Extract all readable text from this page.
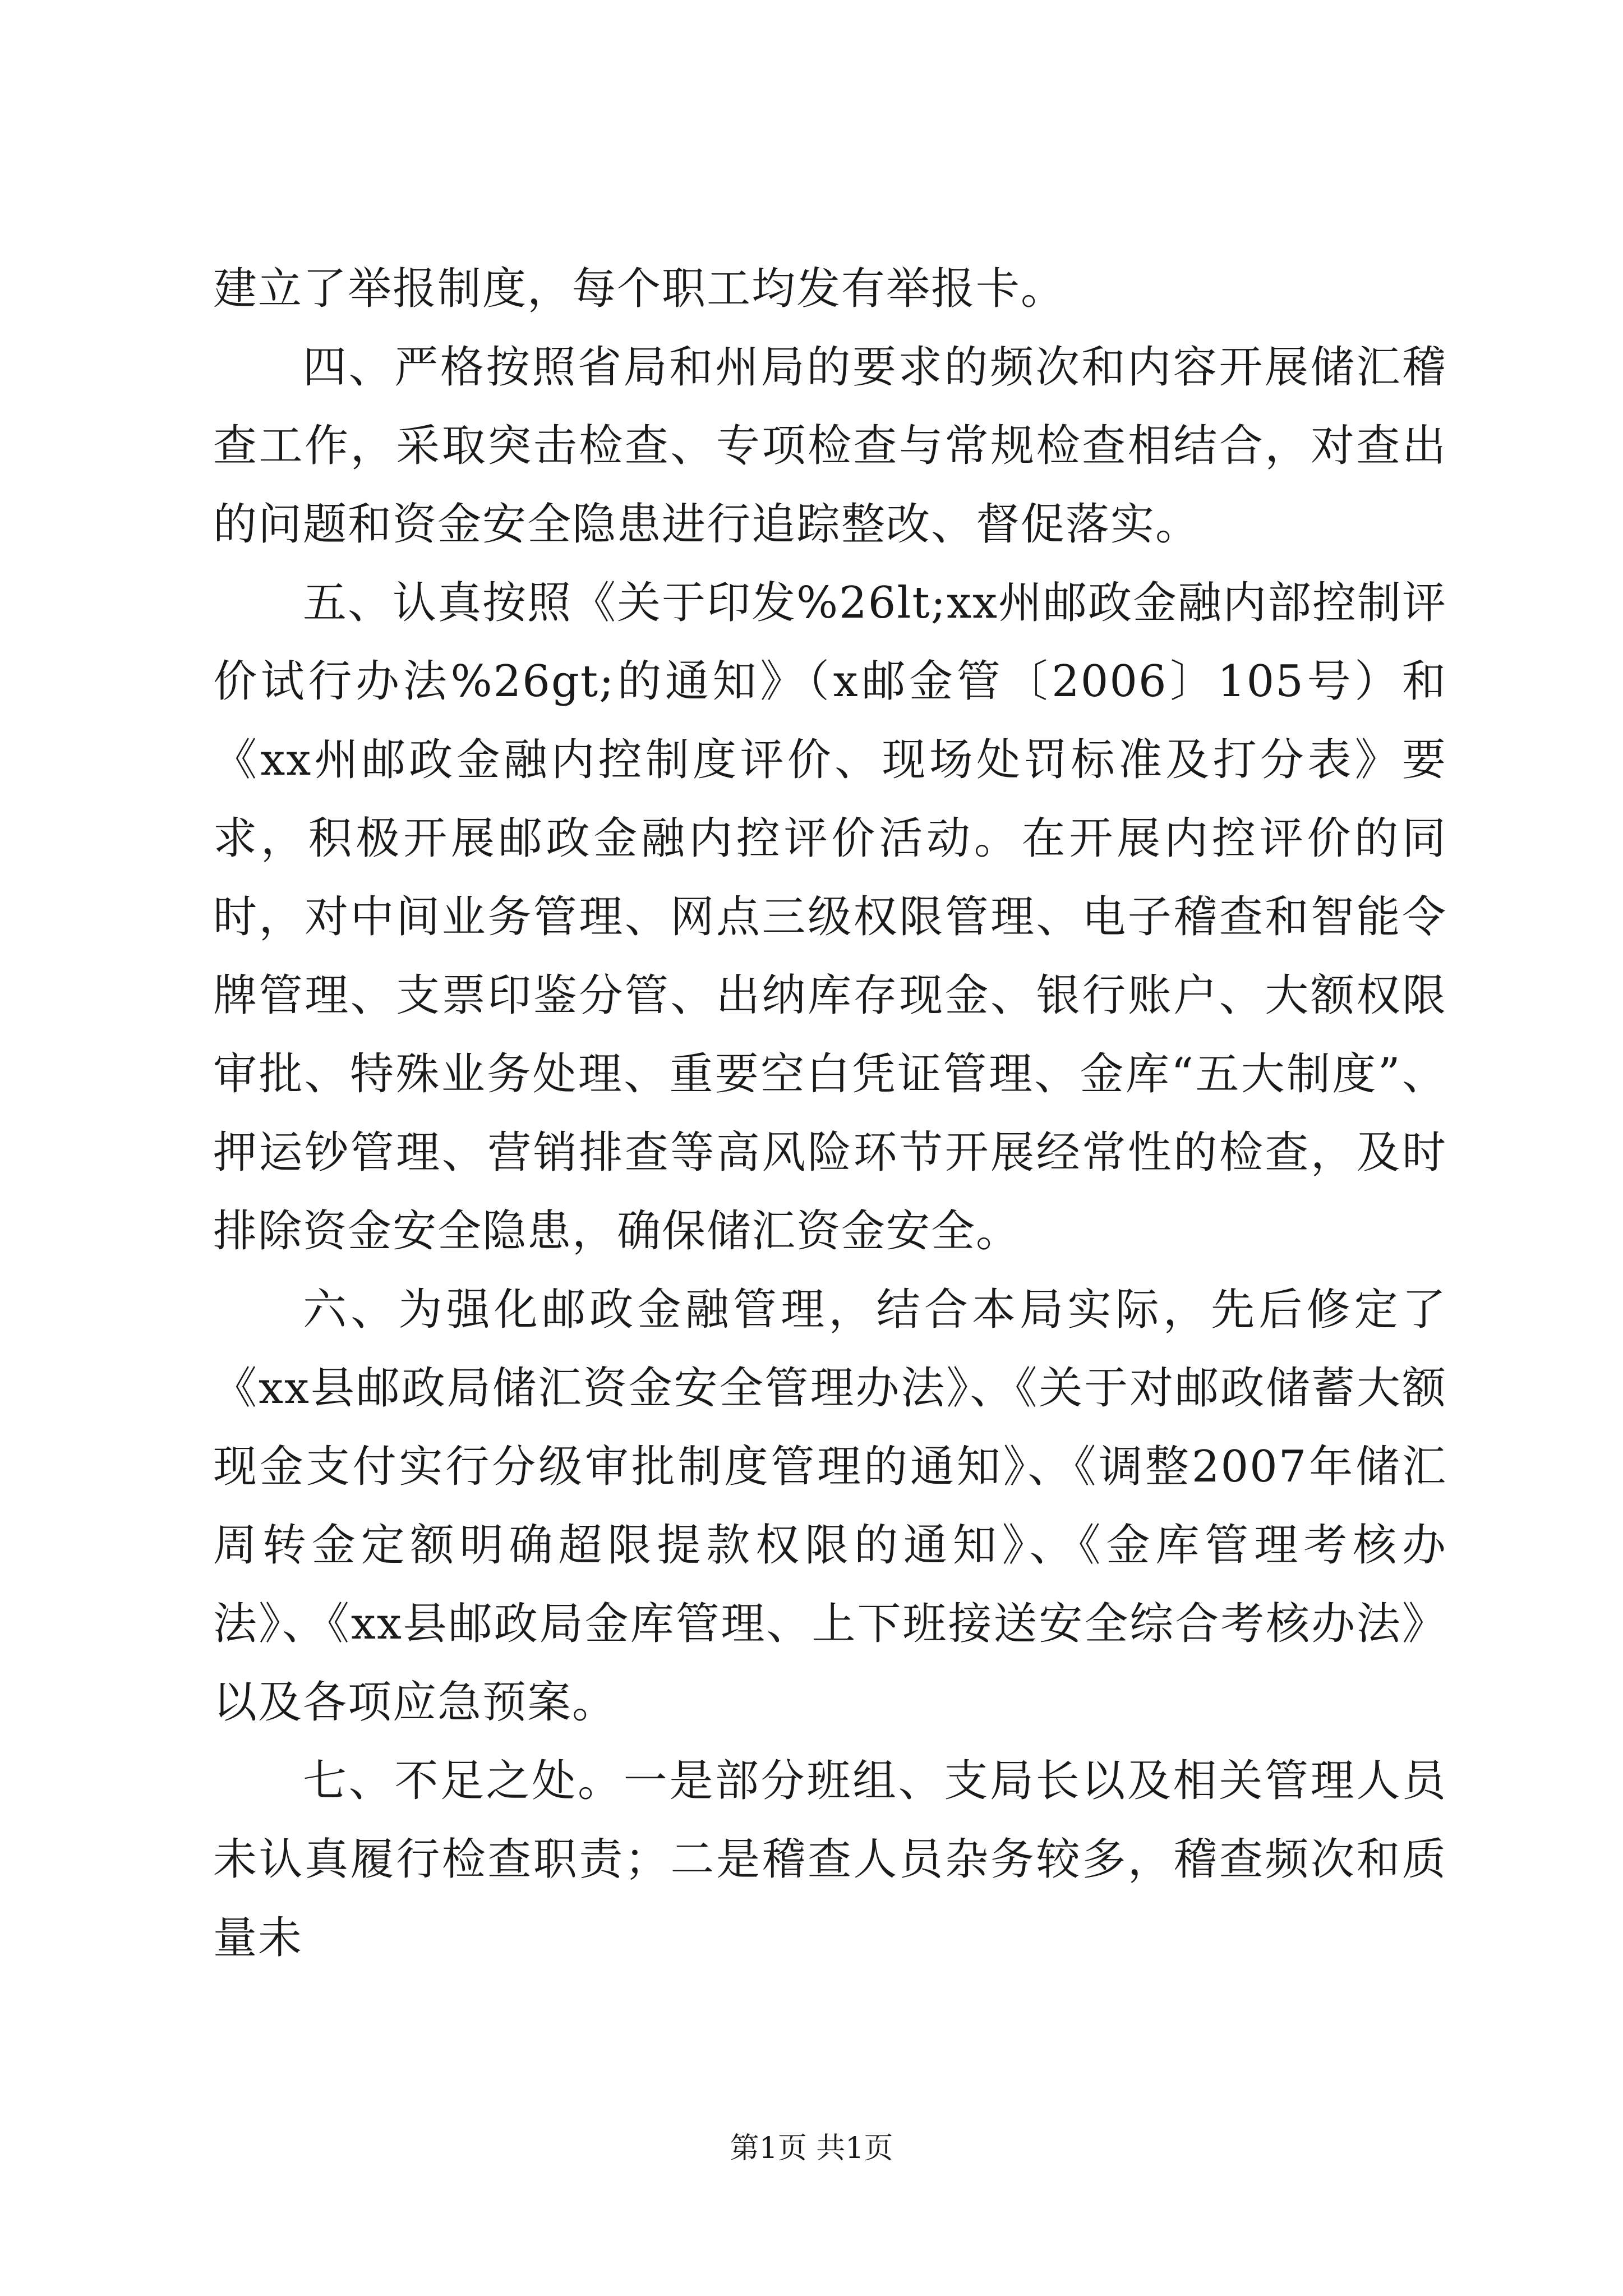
建立了举报制度，每个职工均发有举报卡。

四、严格按照省局和州局的要求的频次和内容开展储汇稽查工作，采取突击检查、专项检查与常规检查相结合，对查出的问题和资金安全隐患进行追踪整改、督促落实。

五、认真按照《关于印发%26lt;xx州邮政金融内部控制评价试行办法%26gt;的通知》（x邮金管〔2006〕105号）和《xx州邮政金融内控制度评价、现场处罚标准及打分表》要求，积极开展邮政金融内控评价活动。在开展内控评价的同时，对中间业务管理、网点三级权限管理、电子稽查和智能令牌管理、支票印鉴分管、出纳库存现金、银行账户、大额权限审批、特殊业务处理、重要空白凭证管理、金库“五大制度”、押运钞管理、营销排查等高风险环节开展经常性的检查，及时排除资金安全隐患，确保储汇资金安全。

六、为强化邮政金融管理，结合本局实际，先后修定了《xx县邮政局储汇资金安全管理办法》、《关于对邮政储蓄大额现金支付实行分级审批制度管理的通知》、《调整2007年储汇周转金定额明确超限提款权限的通知》、《金库管理考核办法》、《xx县邮政局金库管理、上下班接送安全综合考核办法》以及各项应急预案。

七、不足之处。一是部分班组、支局长以及相关管理人员未认真履行检查职责；二是稽查人员杂务较多，稽查频次和质量未

第1页 共1页
